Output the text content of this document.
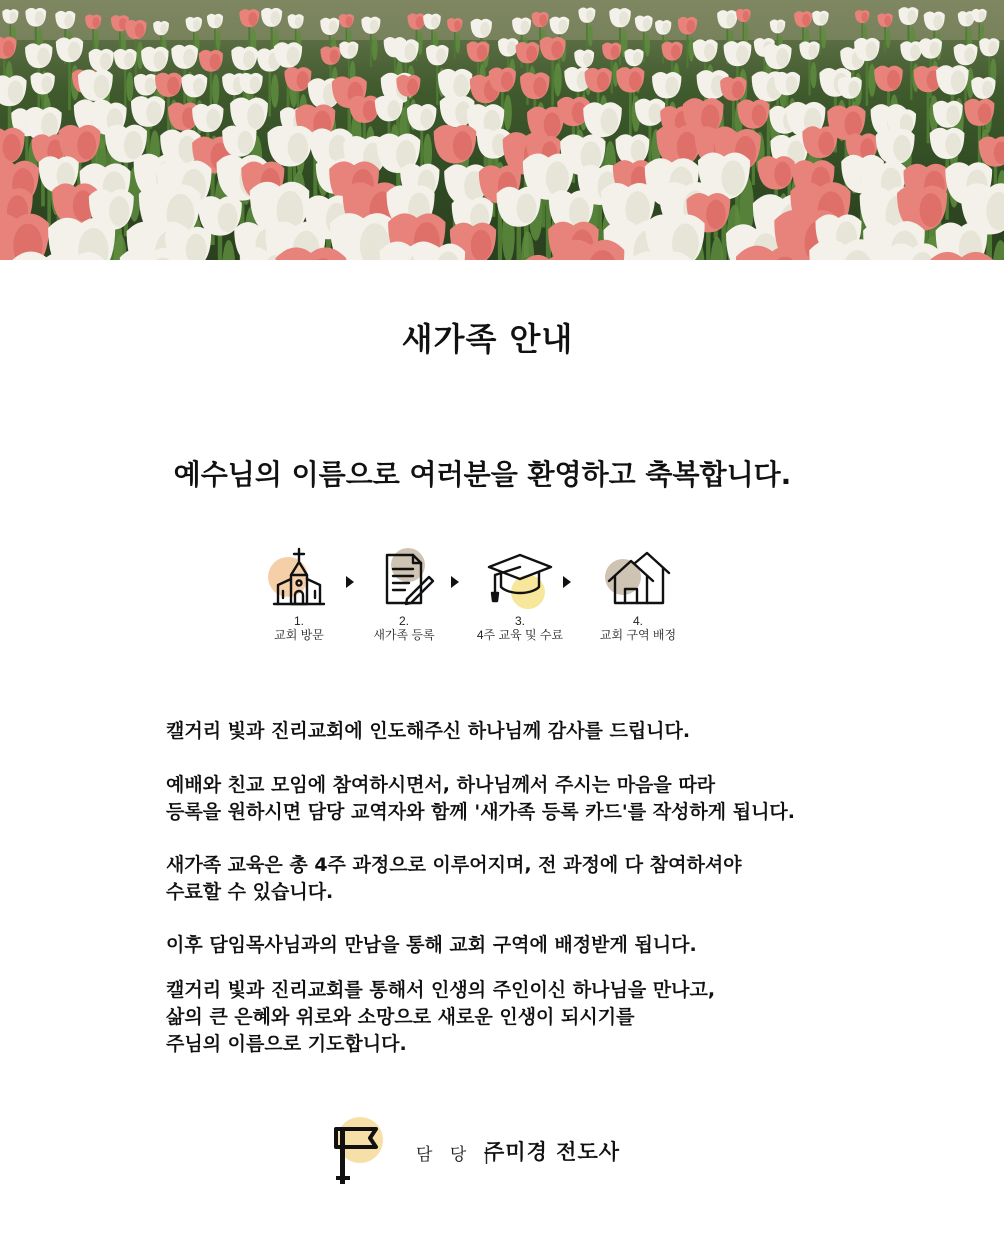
새가족 안내
예수님의 이름으로 여러분을 환영하고 축복합니다.
1.
교회 방문
2.
새가족 등록
3.
4주 교육 및 수료
4.
교회 구역 배정

캘거리 빛과 진리교회에 인도해주신 하나님께 감사를 드립니다.

예배와 친교 모임에 참여하시면서, 하나님께서 주시는 마음을 따라

등록을 원하시면 담당 교역자와 함께 '새가족 등록 카드'를 작성하게 됩니다.

새가족 교육은 총 4주 과정으로 이루어지며, 전 과정에 다 참여하셔야

수료할 수 있습니다.

이후 담임목사님과의 만남을 통해 교회 구역에 배정받게 됩니다.

캘거리 빛과 진리교회를 통해서 인생의 주인이신 하나님을 만나고,

삶의 큰 은혜와 위로와 소망으로 새로운 인생이 되시기를

주님의 이름으로 기도합니다.

담 당 |
주미경 전도사
